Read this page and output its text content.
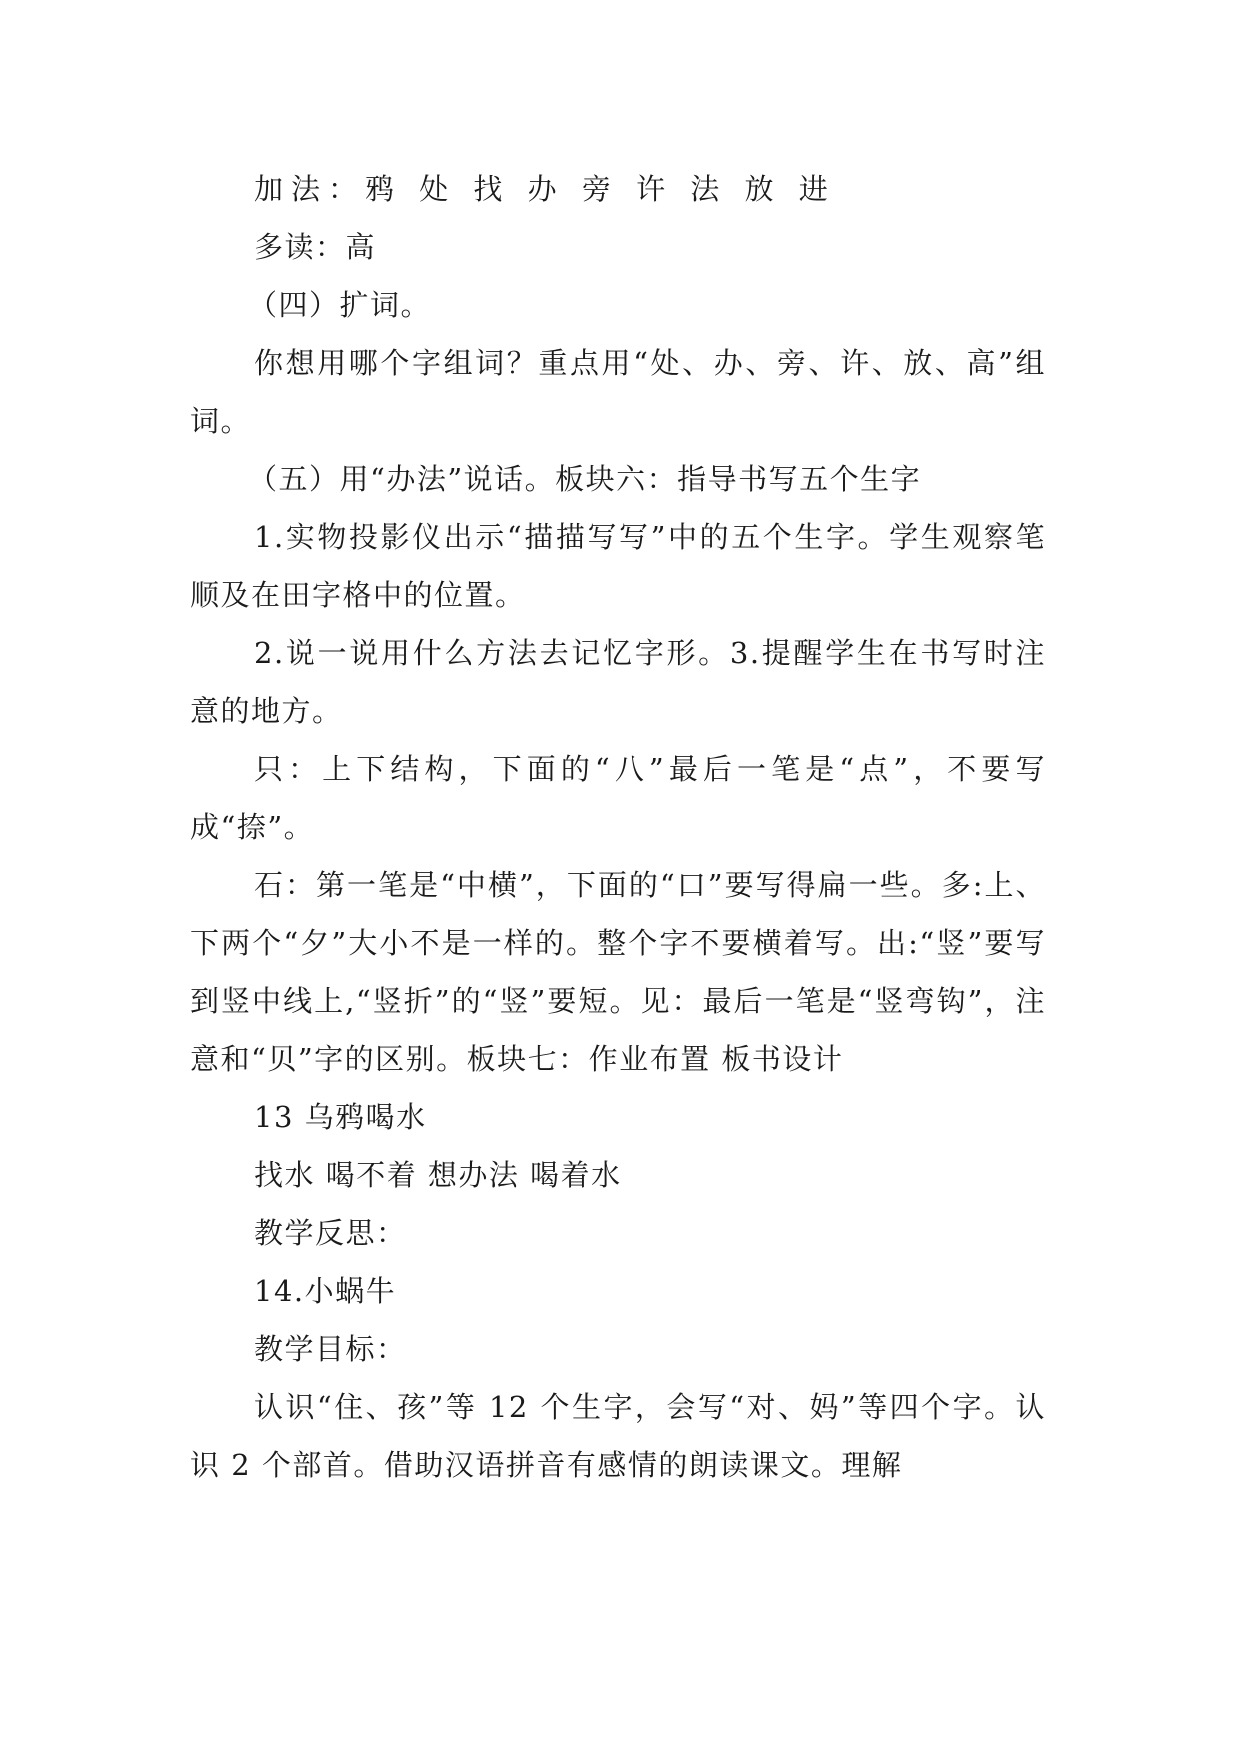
加法：鸦 处 找 办 旁 许 法 放 进

多读：高

（四）扩词。

你想用哪个字组词？重点用“处、办、旁、许、放、高”组词。

（五）用“办法”说话。板块六：指导书写五个生字

1.实物投影仪出示“描描写写”中的五个生字。学生观察笔顺及在田字格中的位置。

2.说一说用什么方法去记忆字形。3.提醒学生在书写时注意的地方。

只：上下结构，下面的“八”最后一笔是“点”，不要写成“捺”。

石：第一笔是“中横”，下面的“口”要写得扁一些。多:上、下两个“夕”大小不是一样的。整个字不要横着写。出:“竖”要写到竖中线上,“竖折”的“竖”要短。见：最后一笔是“竖弯钩”，注意和“贝”字的区别。板块七：作业布置 板书设计

13 乌鸦喝水

找水 喝不着 想办法 喝着水

教学反思：

14.小蜗牛

教学目标：

认识“住、孩”等 12 个生字，会写“对、妈”等四个字。认识 2 个部首。借助汉语拼音有感情的朗读课文。理解
